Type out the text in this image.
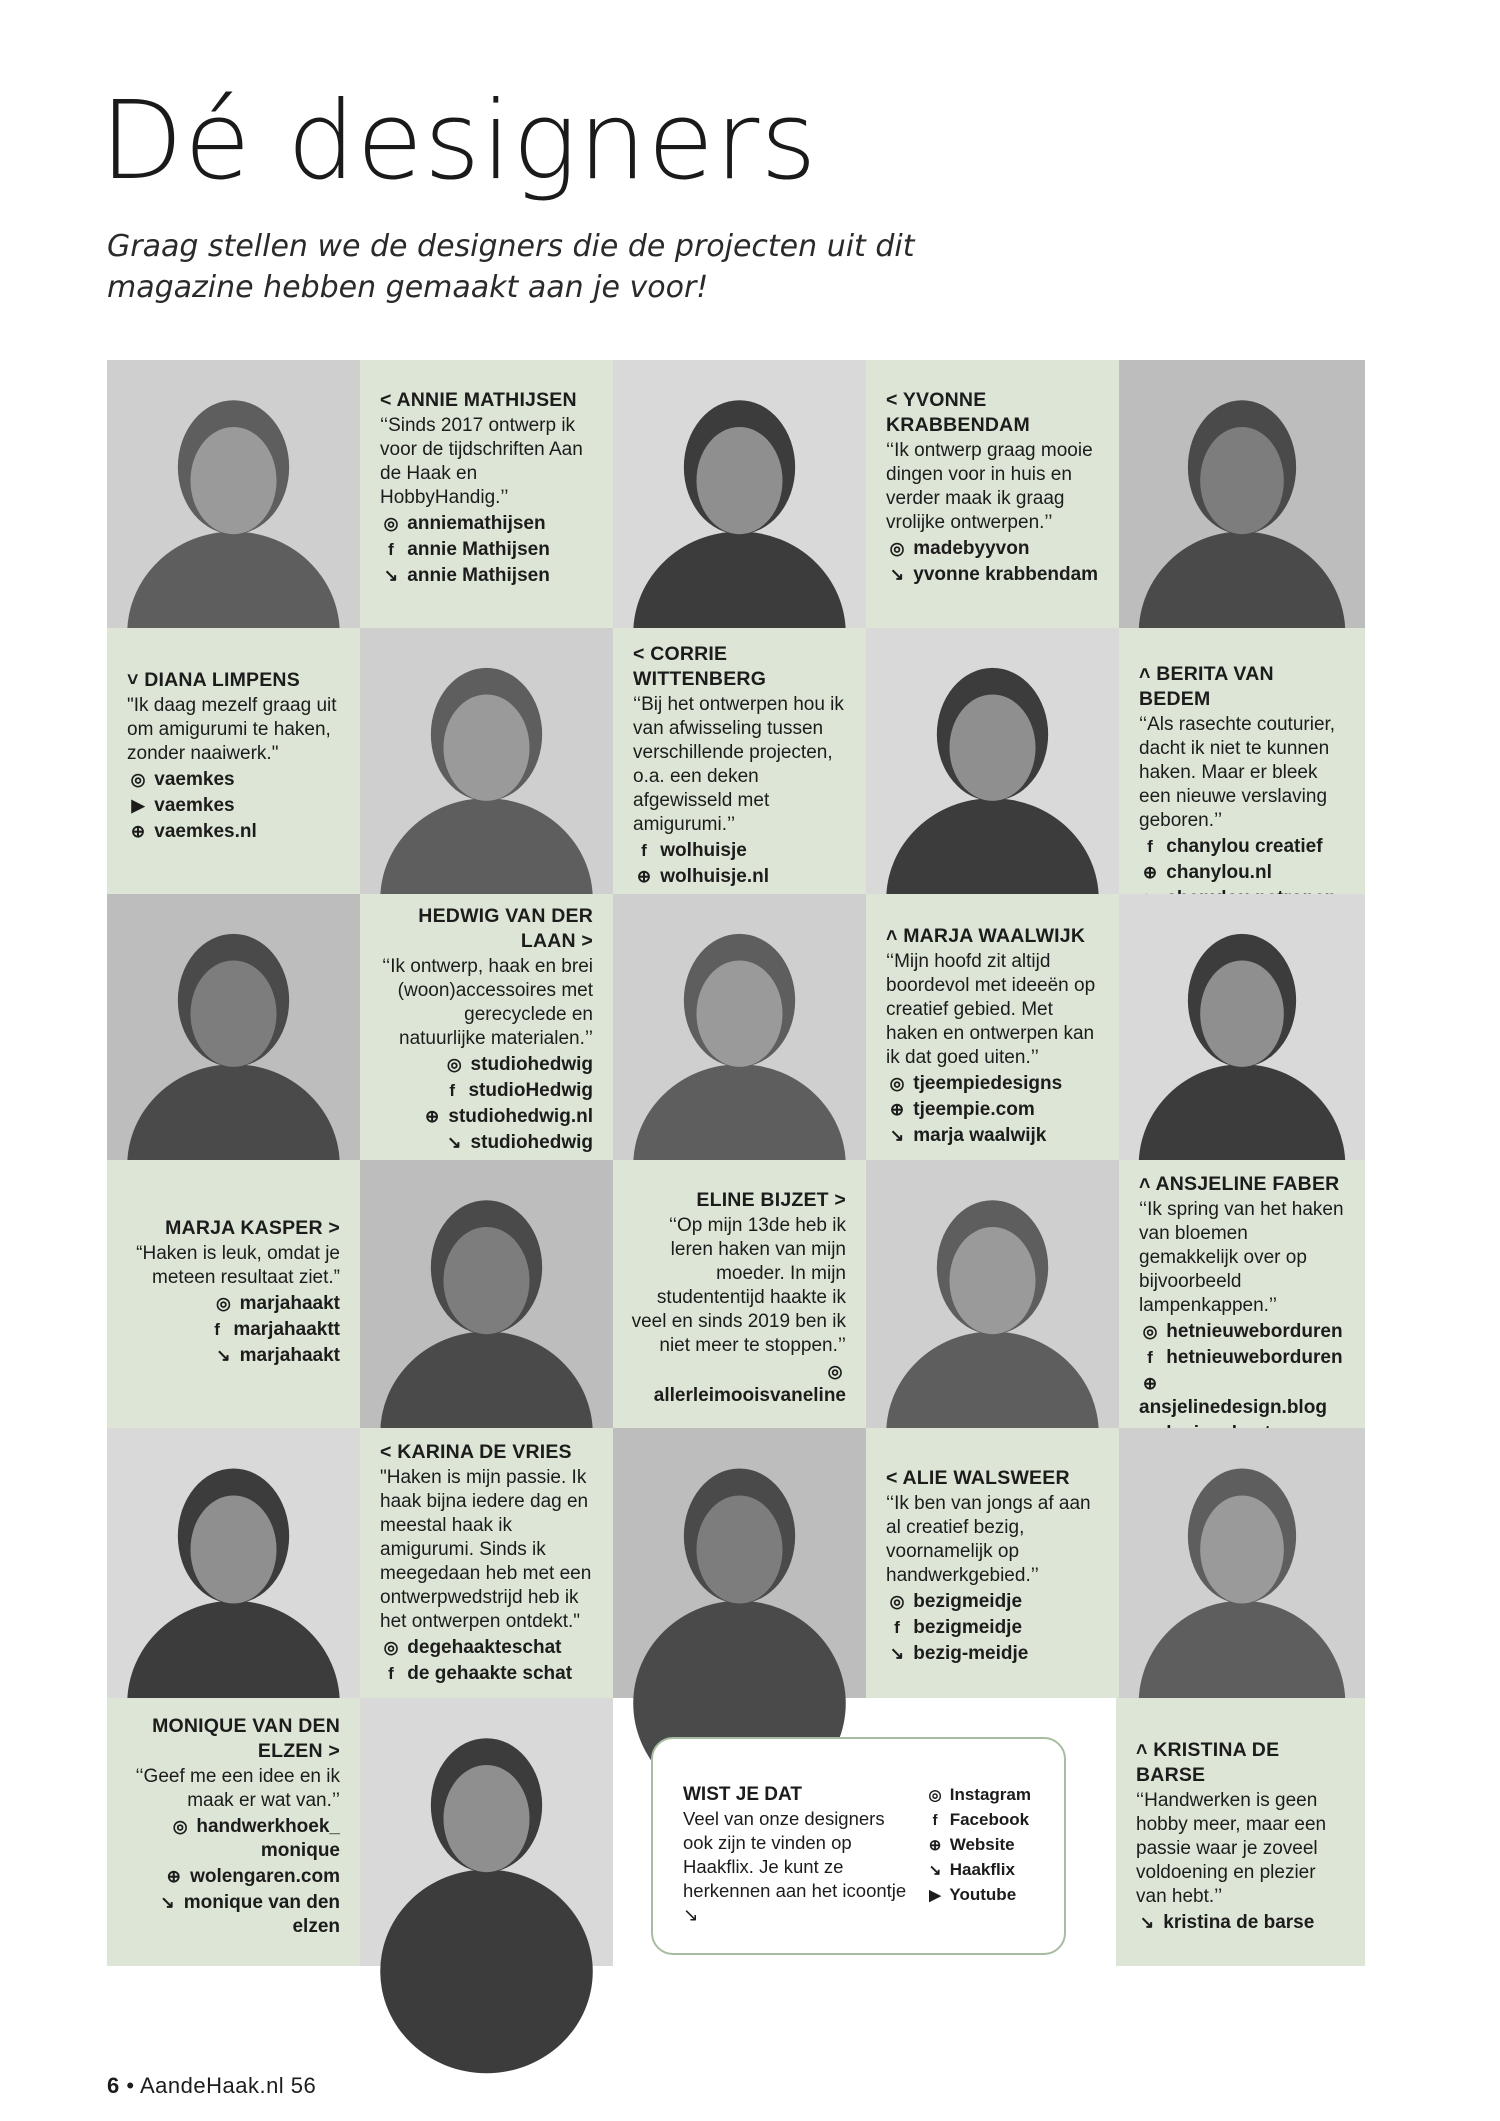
Dé designers

Graag stellen we de designers die de projecten uit dit magazine hebben gemaakt aan je voor!

< ANNIE MATHIJSEN
‘‘Sinds 2017 ontwerp ik voor de tijdschriften Aan de Haak en HobbyHandig.’’
◎ anniemathijsen
f annie Mathijsen
↘ annie Mathijsen
< YVONNE KRABBENDAM
‘‘Ik ontwerp graag mooie dingen voor in huis en verder maak ik graag vrolijke ontwerpen.’’
◎ madebyyvon
↘ yvonne krabbendam
˅ DIANA LIMPENS
"Ik daag mezelf graag uit om amigurumi te haken, zonder naaiwerk."
◎ vaemkes
▶ vaemkes
⊕ vaemkes.nl
< CORRIE WITTENBERG
‘‘Bij het ontwerpen hou ik van afwisseling tussen verschillende projecten, o.a. een deken afgewisseld met amigurumi.’’
f wolhuisje
⊕ wolhuisje.nl
˄ BERITA VAN BEDEM
‘‘Als rasechte couturier, dacht ik niet te kunnen haken. Maar er bleek een nieuwe verslaving geboren.’’
f chanylou creatief
⊕ chanylou.nl
HEDWIG VAN DER LAAN >
‘‘Ik ontwerp, haak en brei (woon)accessoires met gerecyclede en natuurlijke materialen.’’
◎ studiohedwig
f studioHedwig
⊕ studiohedwig.nl
↘ studiohedwig
˄ MARJA WAALWIJK
‘‘Mijn hoofd zit altijd boordevol met ideeën op creatief gebied. Met haken en ontwerpen kan ik dat goed uiten.’’
◎ tjeempiedesigns
⊕ tjeempie.com
↘ marja waalwijk
MARJA KASPER >
“Haken is leuk, omdat je meteen resultaat ziet.”
◎ marjahaakt
f marjahaaktt
↘ marjahaakt
ELINE BIJZET >
‘‘Op mijn 13de heb ik leren haken van mijn moeder. In mijn studententijd haakte ik veel en sinds 2019 ben ik niet meer te stoppen.’’
◎ allerleimooisvaneline
˄ ANSJELINE FABER
‘‘Ik spring van het haken van bloemen gemakkelijk over op bijvoorbeeld lampenkappen.’’
◎ hetnieuweborduren
f hetnieuweborduren
⊕ ansjelinedesign.blog
< KARINA DE VRIES
"Haken is mijn passie. Ik haak bijna iedere dag en meestal haak ik amigurumi. Sinds ik meegedaan heb met een ontwerpwedstrijd heb ik het ontwerpen ontdekt."
◎ degehaakteschat
f de gehaakte schat
< ALIE WALSWEER
‘‘Ik ben van jongs af aan al creatief bezig, voornamelijk op handwerkgebied.’’
◎ bezigmeidje
f bezigmeidje
↘ bezig-meidje
MONIQUE VAN DEN ELZEN >
‘‘Geef me een idee en ik maak er wat van.’’
◎ handwerkhoek_ monique
⊕ wolengaren.com
↘ monique van den elzen
˄ KRISTINA DE BARSE
‘‘Handwerken is geen hobby meer, maar een passie waar je zoveel voldoening en plezier van hebt.’’
↘ kristina de barse
WIST JE DAT
Veel van onze designers ook zijn te vinden op Haakflix. Je kunt ze herkennen aan het icoontje ↘
◎ Instagram
f Facebook
⊕ Website
↘ Haakflix
▶ Youtube
6 • AandeHaak.nl 56
